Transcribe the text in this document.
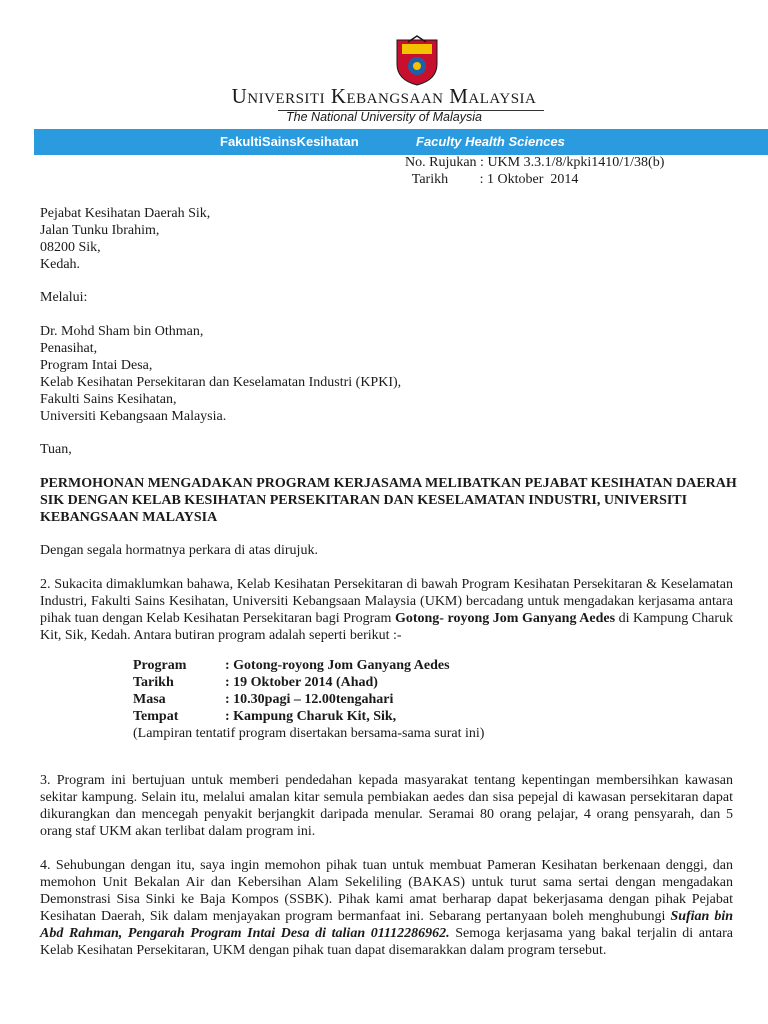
Universiti Kebangsaan Malaysia
The National University of Malaysia
FakultiSainsKesihatan	Faculty Health Sciences
No. Rujukan : UKM 3.3.1/8/kpki1410/1/38(b)
Tarikh         : 1 Oktober  2014
Pejabat Kesihatan Daerah Sik,
Jalan Tunku Ibrahim,
08200 Sik,
Kedah.
Melalui:
Dr. Mohd Sham bin Othman,
Penasihat,
Program Intai Desa,
Kelab Kesihatan Persekitaran dan Keselamatan Industri (KPKI),
Fakulti Sains Kesihatan,
Universiti Kebangsaan Malaysia.
Tuan,
PERMOHONAN MENGADAKAN PROGRAM KERJASAMA MELIBATKAN PEJABAT KESIHATAN DAERAH SIK DENGAN KELAB KESIHATAN PERSEKITARAN DAN KESELAMATAN INDUSTRI, UNIVERSITI KEBANGSAAN MALAYSIA
Dengan segala hormatnya perkara di atas dirujuk.
2. Sukacita dimaklumkan bahawa, Kelab Kesihatan Persekitaran di bawah Program Kesihatan Persekitaran & Keselamatan Industri, Fakulti Sains Kesihatan, Universiti Kebangsaan Malaysia (UKM) bercadang untuk mengadakan kerjasama antara pihak tuan dengan Kelab Kesihatan Persekitaran bagi Program Gotong- royong Jom Ganyang Aedes di Kampung Charuk Kit, Sik, Kedah. Antara butiran program adalah seperti berikut :-
Program	: Gotong-royong Jom Ganyang Aedes
Tarikh	: 19 Oktober 2014 (Ahad)
Masa	: 10.30pagi – 12.00tengahari
Tempat	: Kampung Charuk Kit, Sik,
(Lampiran tentatif program disertakan bersama-sama surat ini)
3. Program ini bertujuan untuk memberi pendedahan kepada masyarakat tentang kepentingan membersihkan kawasan sekitar kampung. Selain itu, melalui amalan kitar semula pembiakan aedes dan sisa pepejal di kawasan persekitaran dapat dikurangkan dan mencegah penyakit berjangkit daripada menular. Seramai 80 orang pelajar, 4 orang pensyarah, dan 5 orang staf UKM akan terlibat dalam program ini.
4. Sehubungan dengan itu, saya ingin memohon pihak tuan untuk membuat Pameran Kesihatan berkenaan denggi, dan memohon Unit Bekalan Air dan Kebersihan Alam Sekeliling (BAKAS) untuk turut sama sertai dengan mengadakan Demonstrasi Sisa Sinki ke Baja Kompos (SSBK). Pihak kami amat berharap dapat bekerjasama dengan pihak Pejabat Kesihatan Daerah, Sik dalam menjayakan program bermanfaat ini. Sebarang pertanyaan boleh menghubungi Sufian bin Abd Rahman, Pengarah Program Intai Desa di talian 01112286962. Semoga kerjasama yang bakal terjalin di antara Kelab Kesihatan Persekitaran, UKM dengan pihak tuan dapat disemarakkan dalam program tersebut.
